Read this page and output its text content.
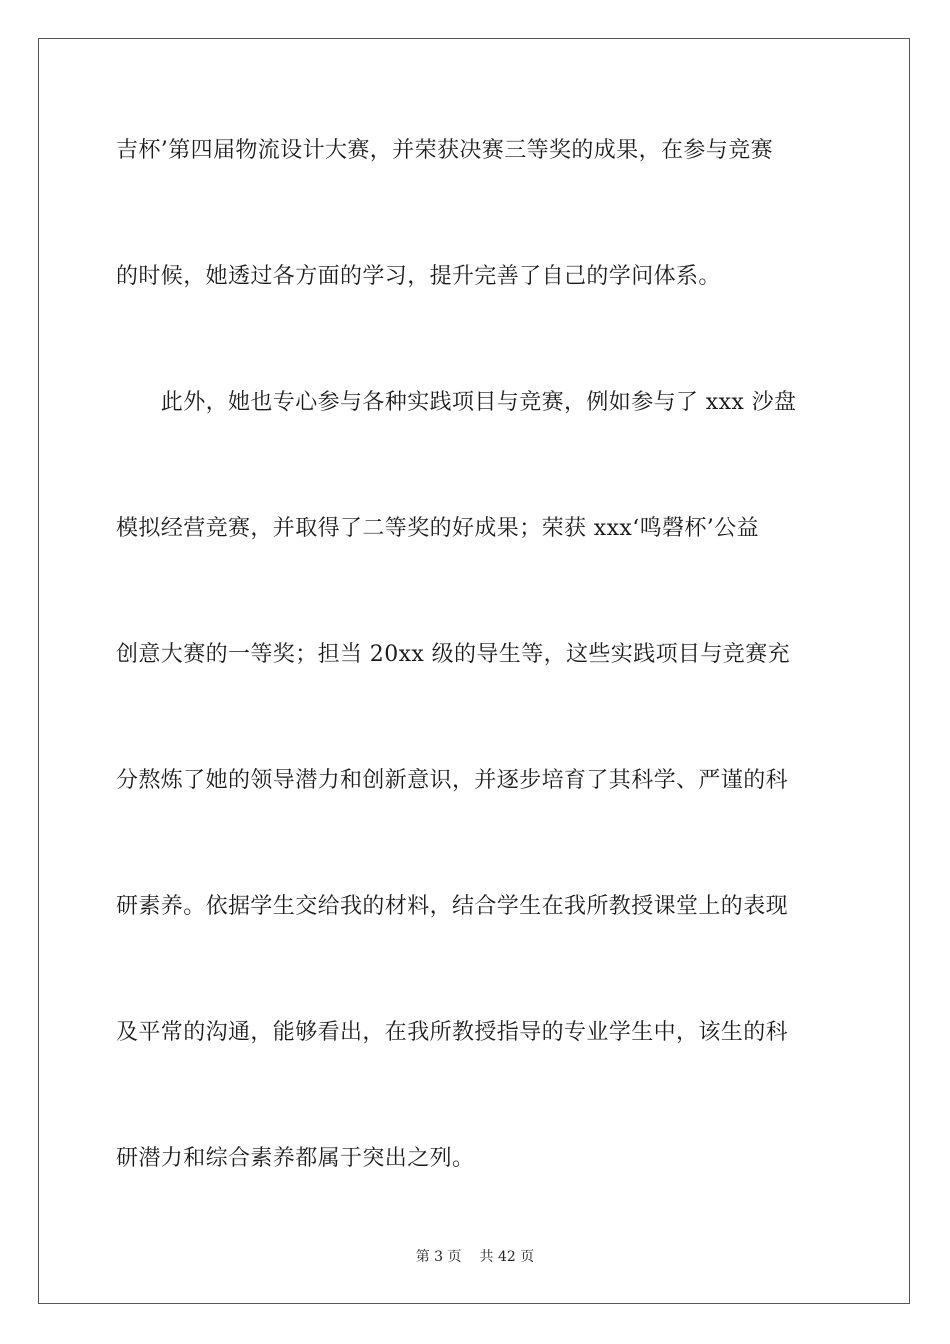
吉杯’第四届物流设计大赛，并荣获决赛三等奖的成果，在参与竞赛
的时候，她透过各方面的学习，提升完善了自己的学问体系。
　　此外，她也专心参与各种实践项目与竞赛，例如参与了 xxx 沙盘
模拟经营竞赛，并取得了二等奖的好成果；荣获 xxx‘鸣磬杯’公益
创意大赛的一等奖；担当 20xx 级的导生等，这些实践项目与竞赛充
分熬炼了她的领导潜力和创新意识，并逐步培育了其科学、严谨的科
研素养。依据学生交给我的材料，结合学生在我所教授课堂上的表现
及平常的沟通，能够看出，在我所教授指导的专业学生中，该生的科
研潜力和综合素养都属于突出之列。
第 3 页 共 42 页
